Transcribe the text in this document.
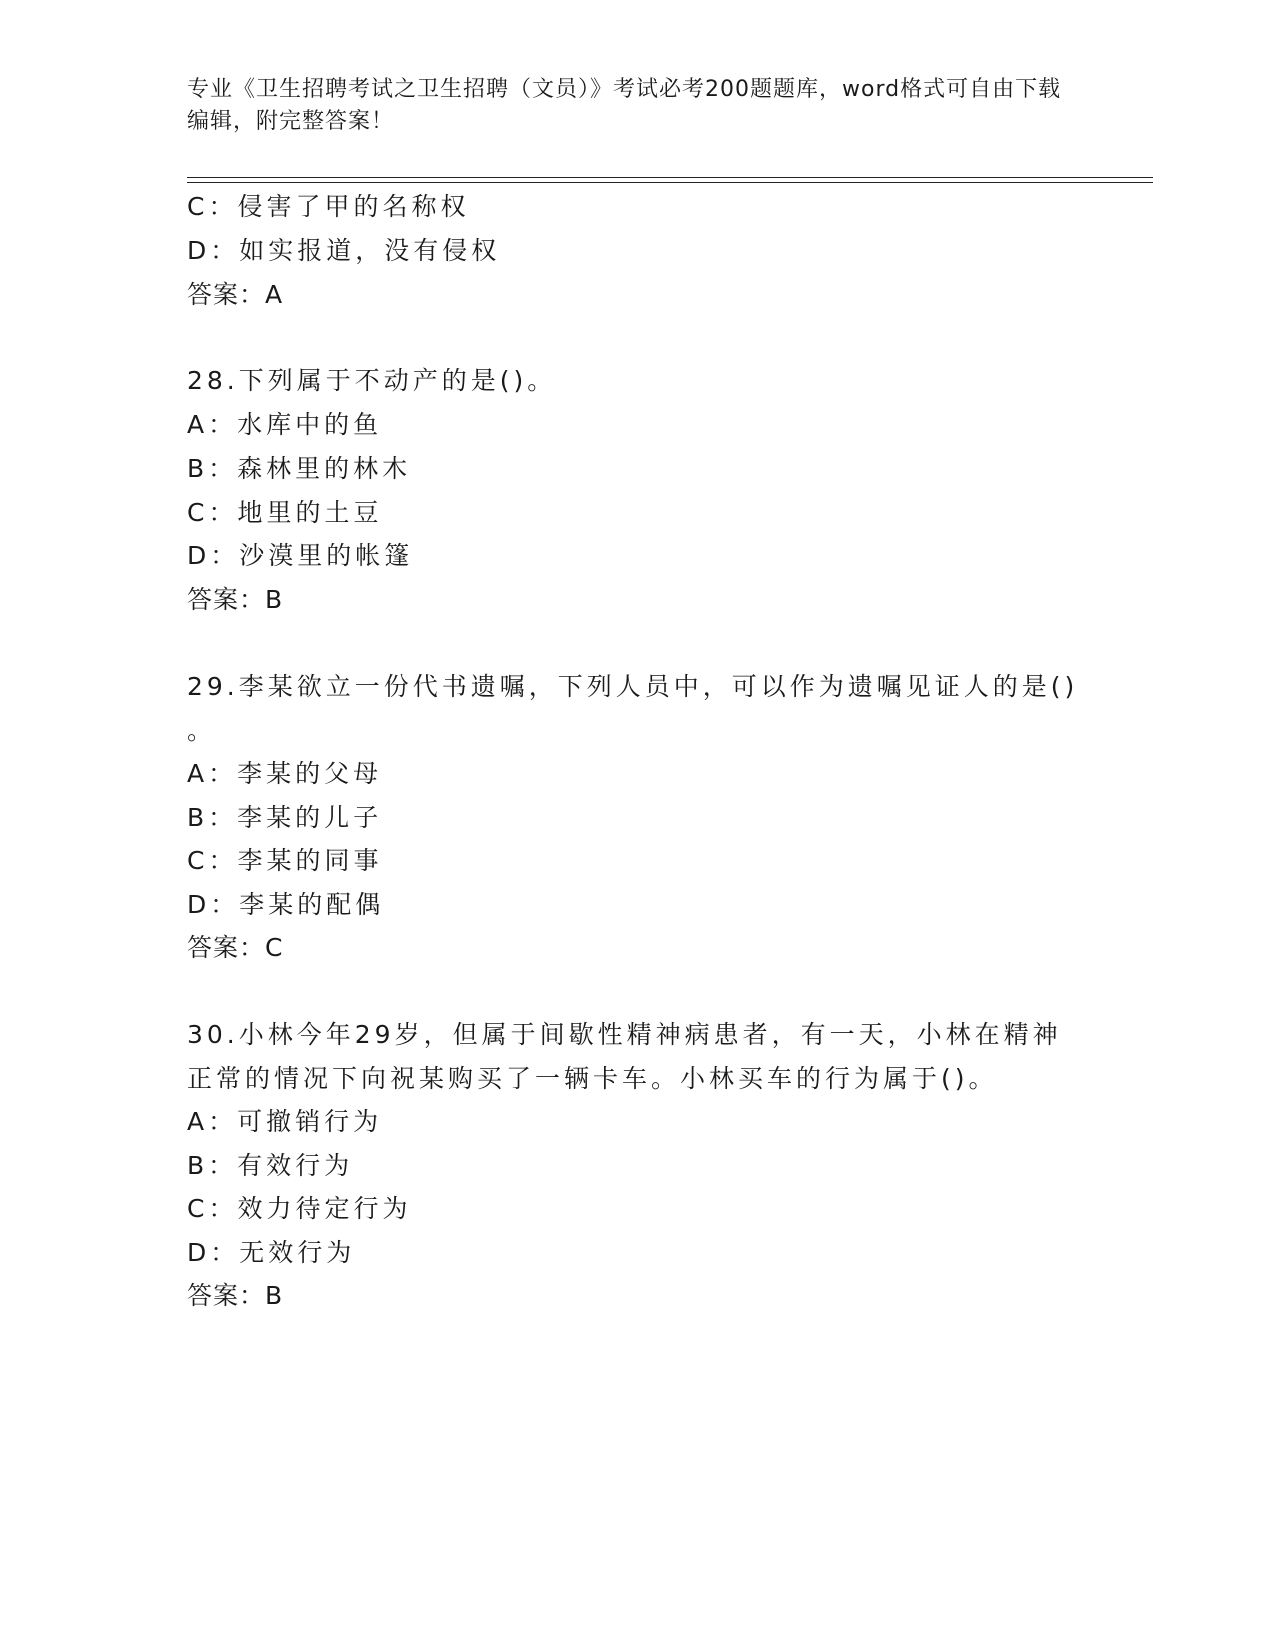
专业《卫生招聘考试之卫生招聘（文员）》考试必考200题题库，word格式可自由下载编辑，附完整答案！
C：侵害了甲的名称权
D：如实报道，没有侵权
答案：A
28.下列属于不动产的是()。
A：水库中的鱼
B：森林里的林木
C：地里的土豆
D：沙漠里的帐篷
答案：B
29.李某欲立一份代书遗嘱，下列人员中，可以作为遗嘱见证人的是()
。
A：李某的父母
B：李某的儿子
C：李某的同事
D：李某的配偶
答案：C
30.小林今年29岁，但属于间歇性精神病患者，有一天，小林在精神
正常的情况下向祝某购买了一辆卡车。小林买车的行为属于()。
A：可撤销行为
B：有效行为
C：效力待定行为
D：无效行为
答案：B
